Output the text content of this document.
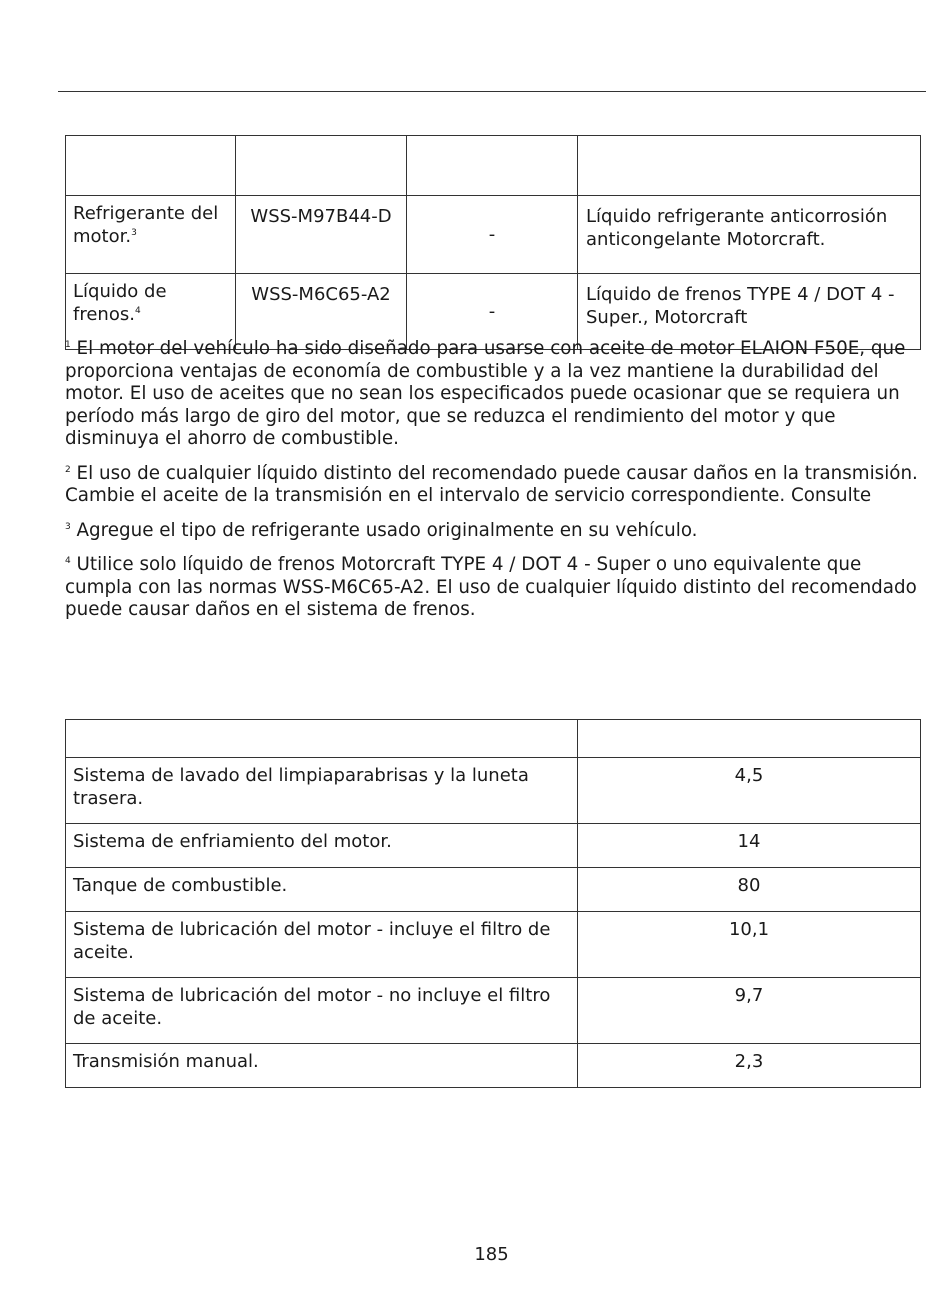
Refrigerante del motor.$^3$	WSS-M97B44-D	-	Líquido refrigerante anticorrosión anticongelante Motorcraft.
Líquido de frenos.$^4$	WSS-M6C65-A2	-	Líquido de frenos TYPE 4 / DOT 4 - Super., Motorcraft

$^1$ El motor del vehículo ha sido diseñado para usarse con aceite de motor ELAION F50E, que proporciona ventajas de economía de combustible y a la vez mantiene la durabilidad del motor. El uso de aceites que no sean los especificados puede ocasionar que se requiera un período más largo de giro del motor, que se reduzca el rendimiento del motor y que disminuya el ahorro de combustible.

$^2$ El uso de cualquier líquido distinto del recomendado puede causar daños en la transmisión. Cambie el aceite de la transmisión en el intervalo de servicio correspondiente. Consulte

$^3$ Agregue el tipo de refrigerante usado originalmente en su vehículo.

$^4$ Utilice solo líquido de frenos Motorcraft TYPE 4 / DOT 4 - Super o uno equivalente que cumpla con las normas WSS-M6C65-A2. El uso de cualquier líquido distinto del recomendado puede causar daños en el sistema de frenos.

Sistema de lavado del limpiaparabrisas y la luneta trasera.	4,5
Sistema de enfriamiento del motor.	14
Tanque de combustible.	80
Sistema de lubricación del motor - incluye el filtro de aceite.	10,1
Sistema de lubricación del motor - no incluye el filtro de aceite.	9,7
Transmisión manual.	2,3
185
